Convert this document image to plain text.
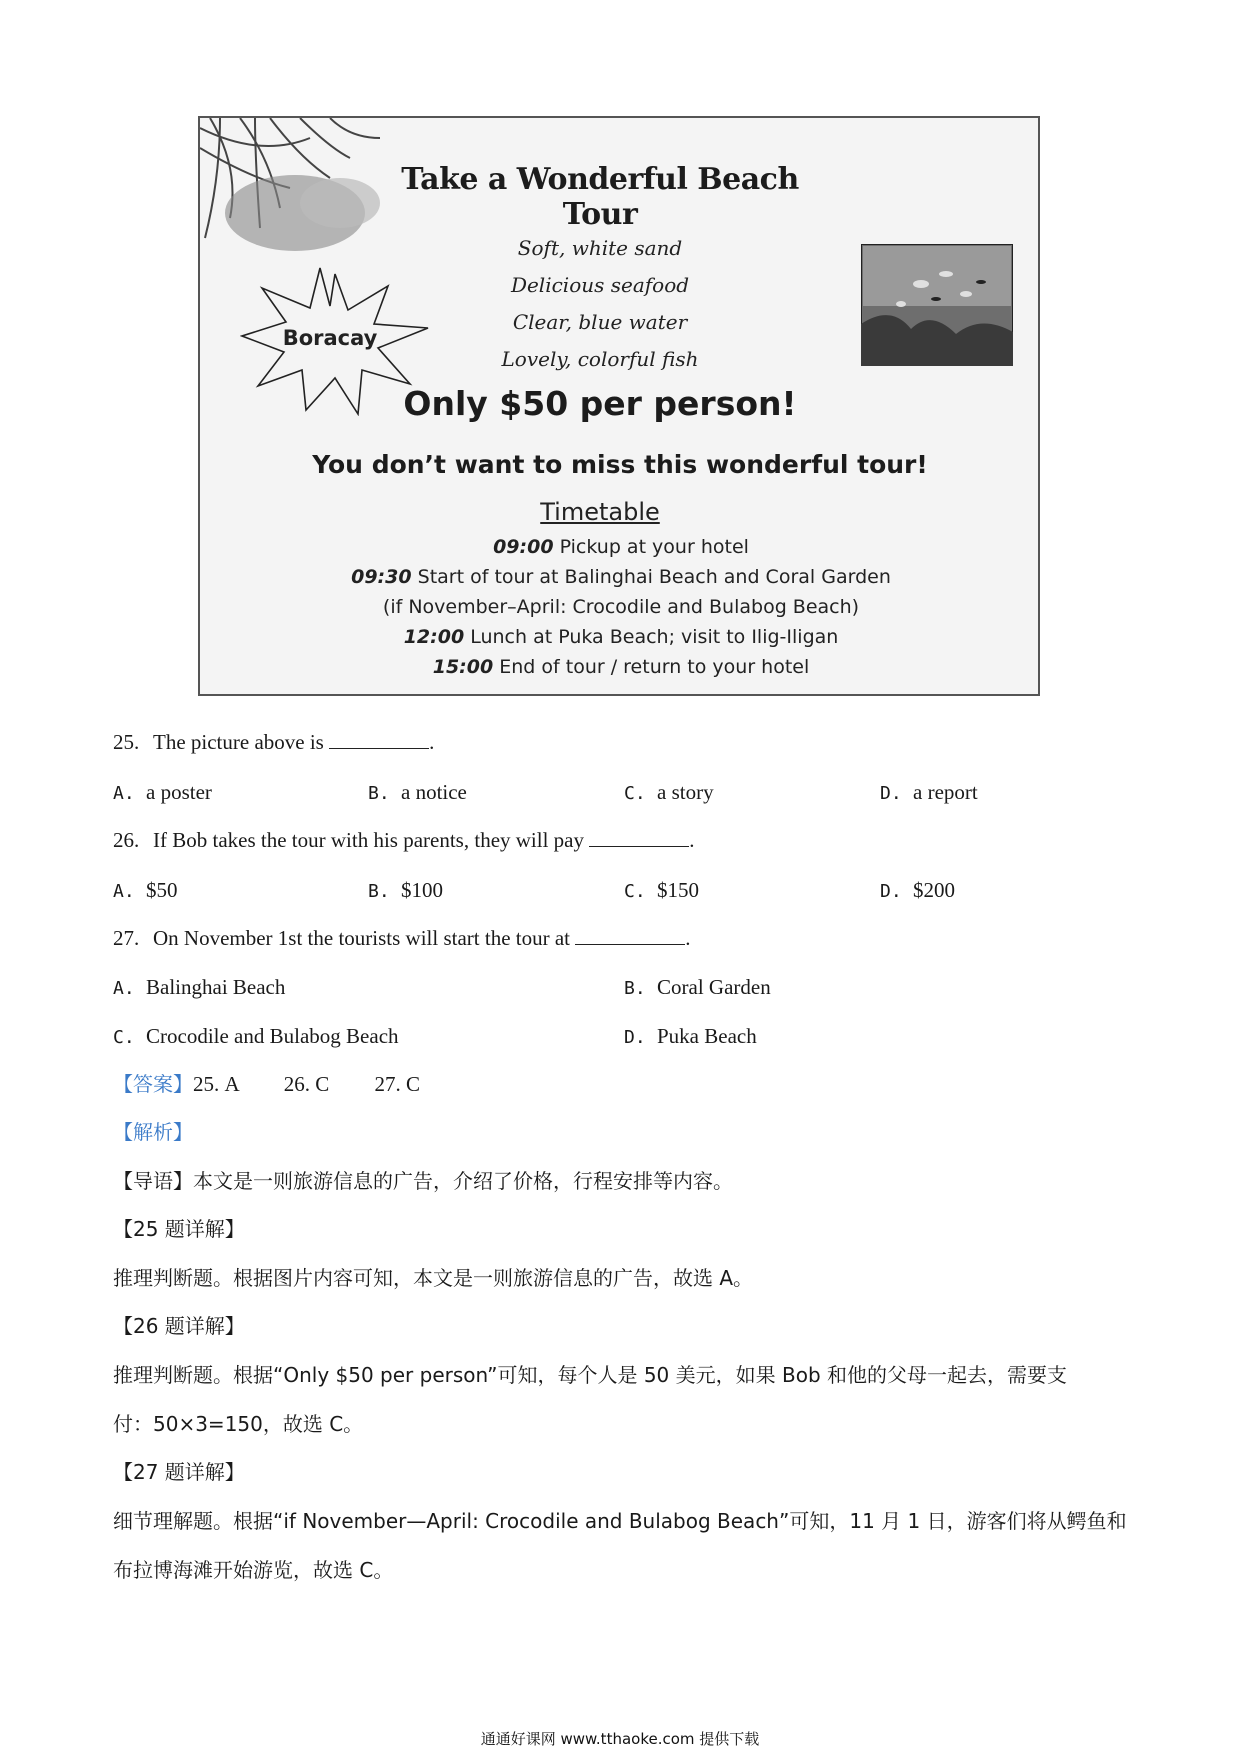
Take a Wonderful Beach Tour
Soft, white sand
Delicious seafood
Clear, blue water
Lovely, colorful fish
Boracay
Only $50 per person!
You don’t want to miss this wonderful tour!
Timetable
09:00 Pickup at your hotel
09:30 Start of tour at Balinghai Beach and Coral Garden
(if November–April: Crocodile and Bulabog Beach)
12:00 Lunch at Puka Beach; visit to Ilig-Iligan
15:00 End of tour / return to your hotel
25. The picture above is	.
A. a poster	B. a notice	C. a story	D. a report
26. If Bob takes the tour with his parents, they will pay	.
A. $50	B. $100	C. $150	D. $200
27. On November 1st the tourists will start the tour at	.
A. Balinghai Beach	B. Coral Garden
C. Crocodile and Bulabog Beach	D. Puka Beach
【答案】25. A 26. C 27. C
【解析】
【导语】本文是一则旅游信息的广告，介绍了价格，行程安排等内容。
【25 题详解】
推理判断题。根据图片内容可知，本文是一则旅游信息的广告，故选 A。
【26 题详解】
推理判断题。根据“Only $50 per person”可知，每个人是 50 美元，如果 Bob 和他的父母一起去，需要支
付：50×3=150，故选 C。
【27 题详解】
细节理解题。根据“if November—April: Crocodile and Bulabog Beach”可知，11 月 1 日，游客们将从鳄鱼和
布拉博海滩开始游览，故选 C。
通通好课网 www.tthaoke.com 提供下载
